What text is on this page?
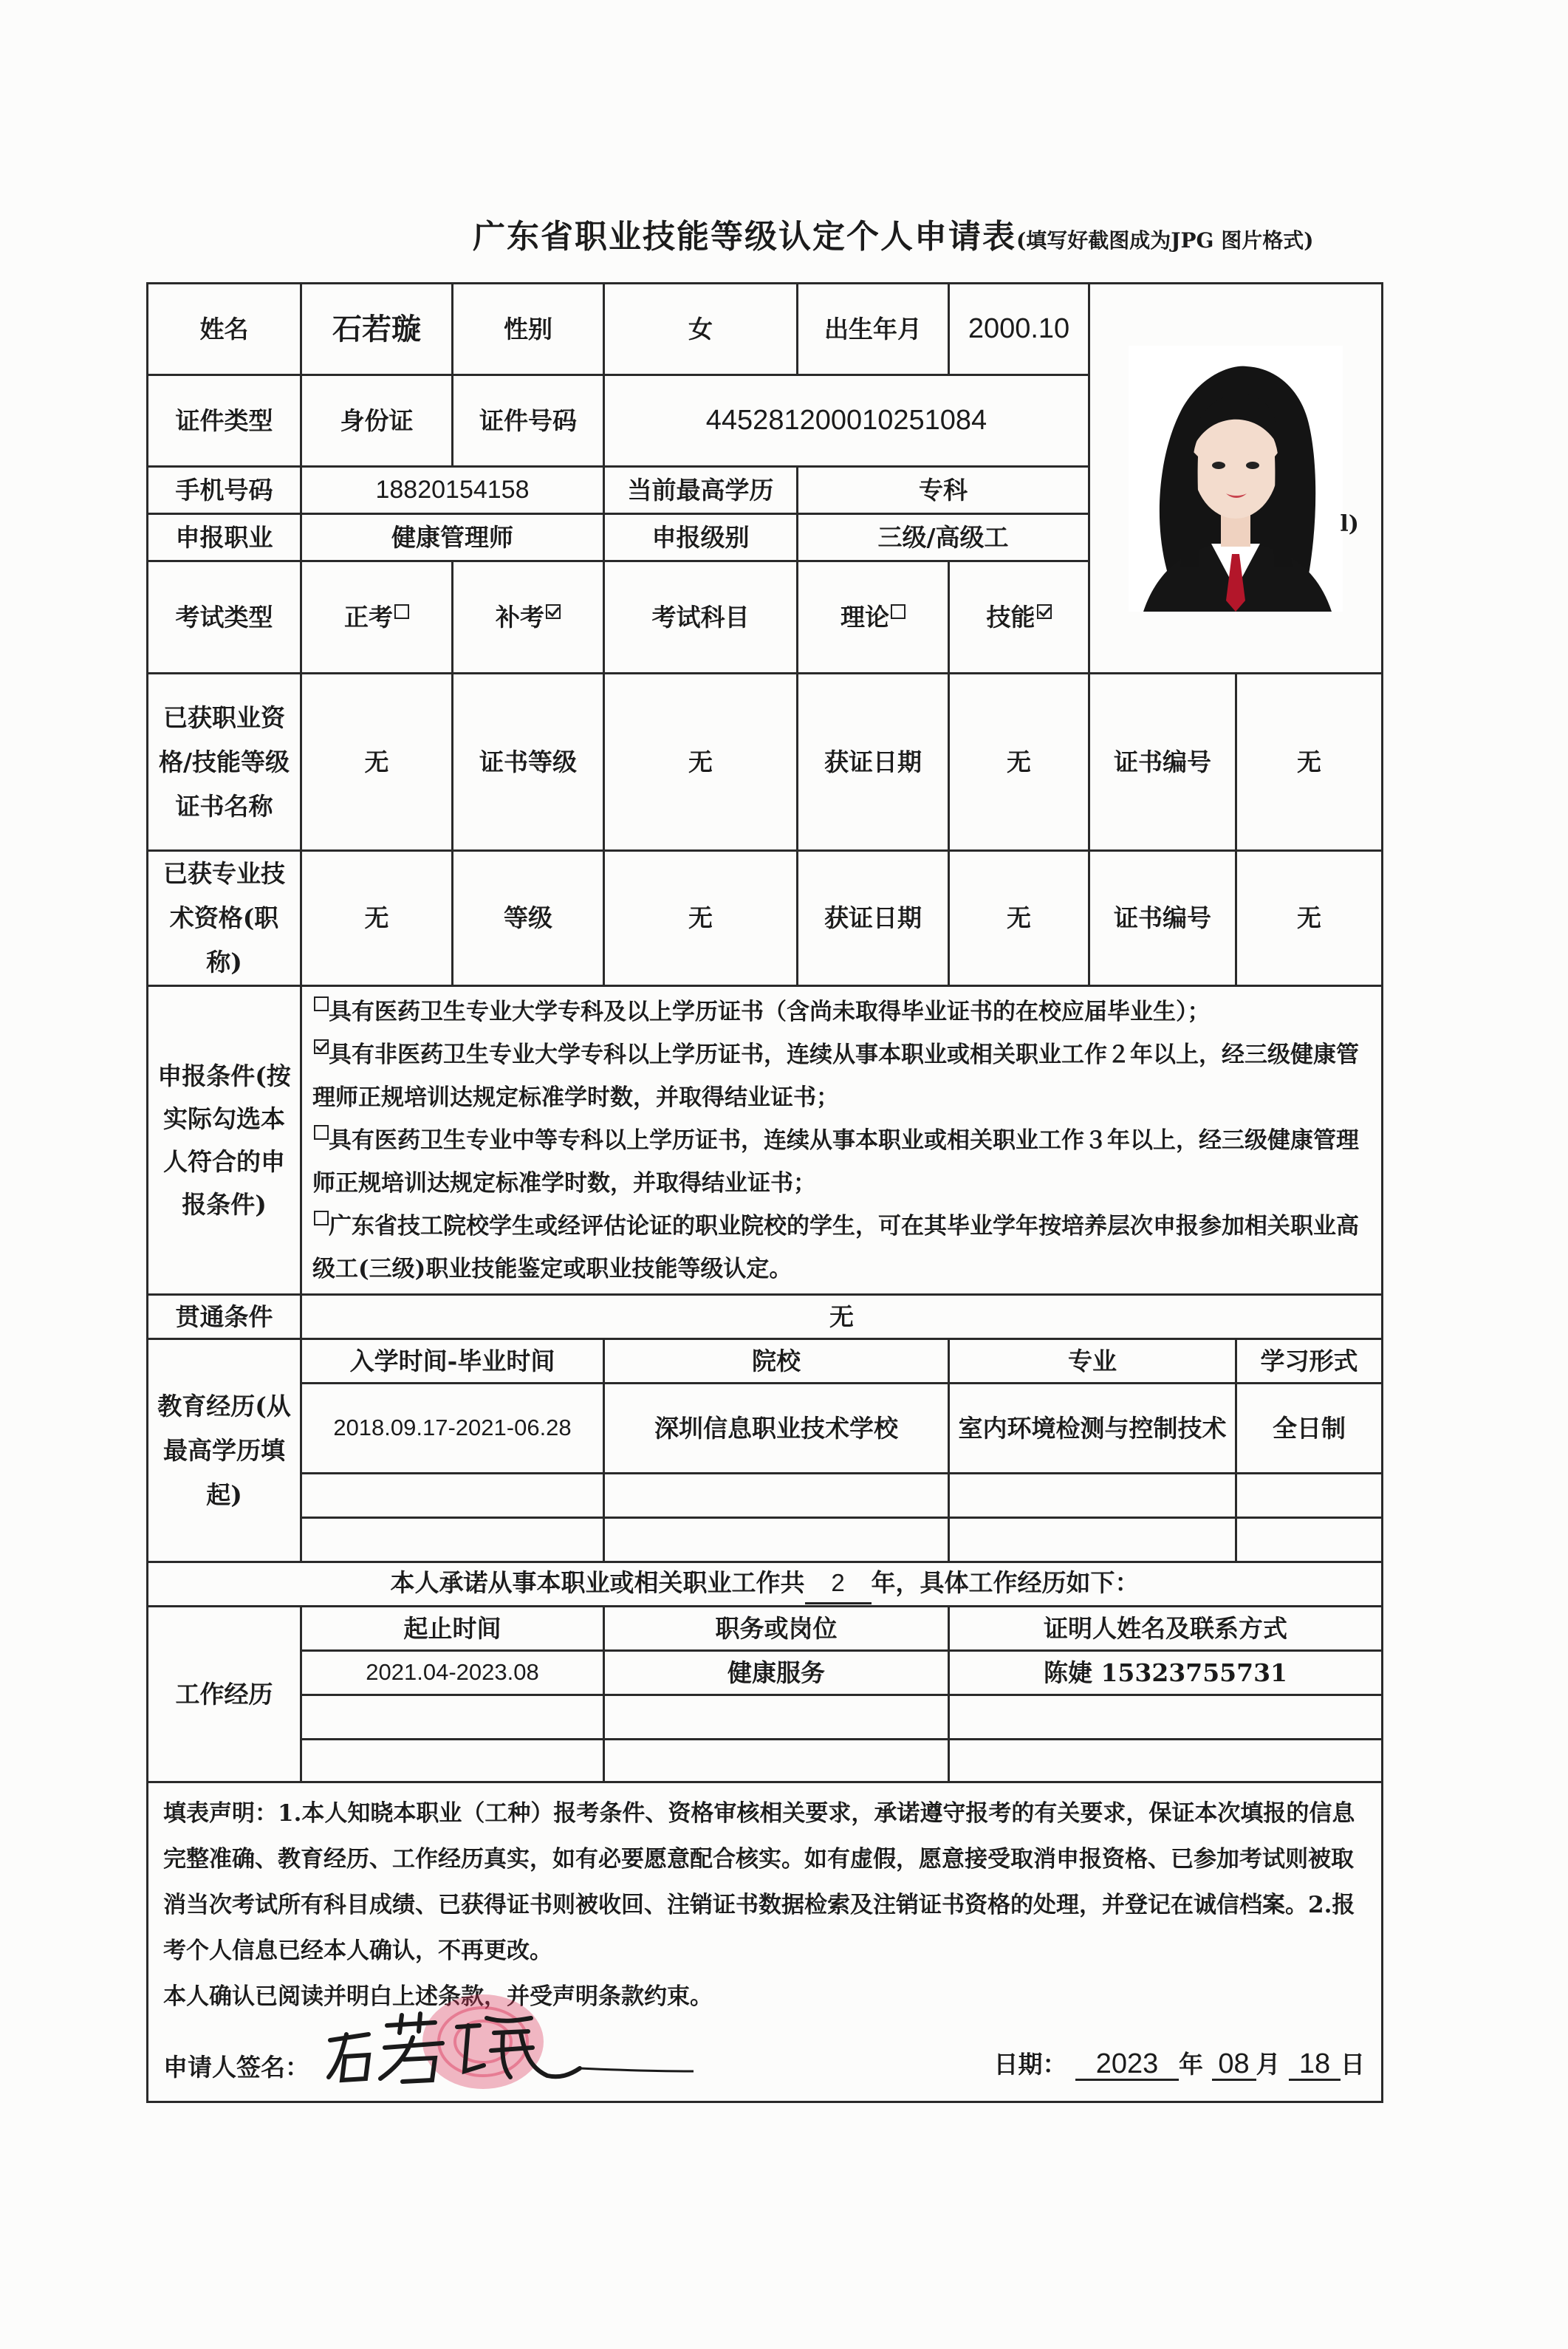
广东省职业技能等级认定个人申请表(填写好截图成为JPG 图片格式)
姓名	石若璇	性别	女	出生年月	2000.10	l)	

证件类型	身份证	证件号码	445281200010251084				
手机号码	18820154158		当前最高学历	专科			
申报职业	健康管理师		申报级别	三级/高级工			
考试类型	正考	补考	考试科目	理论	技能		
已获职业资格/技能等级证书名称	无	证书等级	无	获证日期	无	证书编号	无
已获专业技术资格(职称)	无	等级	无	获证日期	无	证书编号	无
申报条件(按实际勾选本人符合的申报条件)	具有医药卫生专业大学专科及以上学历证书（含尚未取得毕业证书的在校应届毕业生）；
具有非医药卫生专业大学专科以上学历证书，连续从事本职业或相关职业工作２年以上，经三级健康管理师正规培训达规定标准学时数，并取得结业证书；
具有医药卫生专业中等专科以上学历证书，连续从事本职业或相关职业工作３年以上，经三级健康管理师正规培训达规定标准学时数，并取得结业证书；
广东省技工院校学生或经评估论证的职业院校的学生，可在其毕业学年按培养层次申报参加相关职业高级工(三级)职业技能鉴定或职业技能等级认定。						

贯通条件	无						
教育经历(从最高学历填起)	入学时间-毕业时间		院校		专业		学习形式
	2018.09.17-2021-06.28		深圳信息职业技术学校		室内环境检测与控制技术		全日制

本人承诺从事本职业或相关职业工作共 2 年，具体工作经历如下：							
工作经历	起止时间		职务或岗位		证明人姓名及联系方式		
	2021.04-2023.08		健康服务		陈婕 15323755731		

填表声明：1.本人知晓本职业（工种）报考条件、资格审核相关要求，承诺遵守报考的有关要求，保证本次填报的信息完整准确、教育经历、工作经历真实，如有必要愿意配合核实。如有虚假，愿意接受取消申报资格、已参加考试则被取消当次考试所有科目成绩、已获得证书则被收回、注销证书数据检索及注销证书资格的处理，并登记在诚信档案。2.报考个人信息已经本人确认，不再更改。
本人确认已阅读并明白上述条款，并受声明条款约束。
申请人签名： 日期： 2023 年 08 月 18 日							
